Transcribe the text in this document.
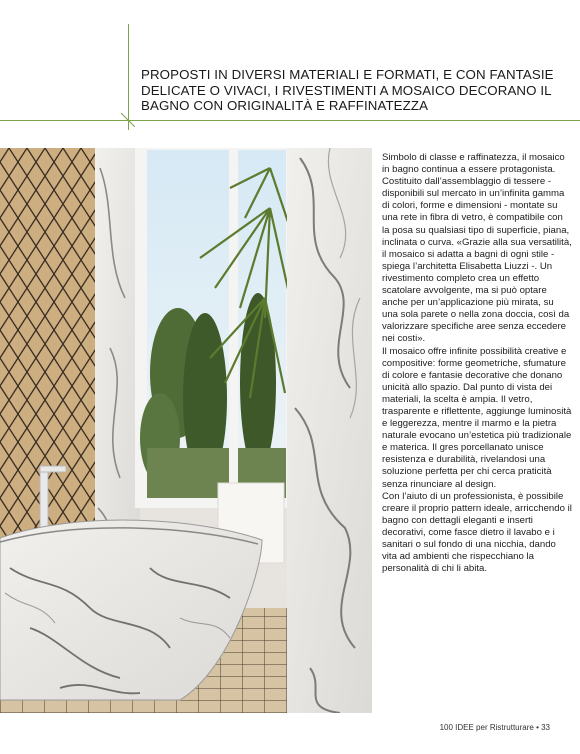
PROPOSTI IN DIVERSI MATERIALI E FORMATI, E CON FANTASIE DELICATE O VIVACI, I RIVESTIMENTI A MOSAICO DECORANO IL BAGNO CON ORIGINALITÀ E RAFFINATEZZA

Simbolo di classe e raffinatezza, il mosaico in bagno continua a essere protagonista. Costituito dall’assemblaggio di tessere - disponibili sul mercato in un’infinita gamma di colori, forme e dimensioni - montate su una rete in fibra di vetro, è compatibile con la posa su qualsiasi tipo di superficie, piana, inclinata o curva. «Grazie alla sua versatilità, il mosaico si adatta a bagni di ogni stile - spiega l’architetta Elisabetta Liuzzi -. Un rivestimento completo crea un effetto scatolare avvolgente, ma si può optare anche per un’applicazione più mirata, su una sola parete o nella zona doccia, così da valorizzare specifiche aree senza eccedere nei costi».

Il mosaico offre infinite possibilità creative e compositive: forme geometriche, sfumature di colore e fantasie decorative che donano unicità allo spazio. Dal punto di vista dei materiali, la scelta è ampia. Il vetro, trasparente e riflettente, aggiunge luminosità e leggerezza, mentre il marmo e la pietra naturale evocano un’estetica più tradizionale e materica. Il gres porcellanato unisce resistenza e durabilità, rivelandosi una soluzione perfetta per chi cerca praticità senza rinunciare al design.

Con l’aiuto di un professionista, è possibile creare il proprio pattern ideale, arricchendo il bagno con dettagli eleganti e inserti decorativi, come fasce dietro il lavabo e i sanitari o sul fondo di una nicchia, dando vita ad ambienti che rispecchiano la personalità di chi li abita.

100 IDEE per Ristrutturare • 33
